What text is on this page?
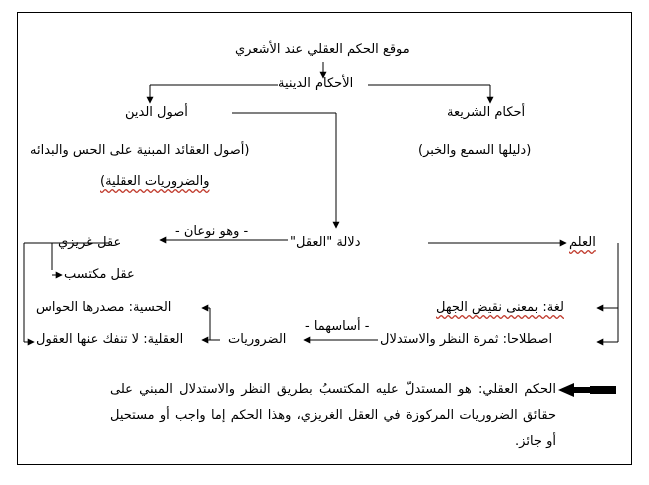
موقع الحكم العقلي عند الأشعري
الأحكام الدينية
أحكام الشريعة
(دليلها السمع والخبر)
أصول الدين
(أصول العقائد المبنية على الحس والبدائه
والضروريات العقلية)
- وهو نوعان -
دلالة "العقل"	العلم
عقل غريزي
عقل مكتسب
الحسية: مصدرها الحواس
العقلية: لا تنفك عنها العقول
- أساسهما -
الضروريات
لغة: بمعنى نقيض الجهل
اصطلاحا: ثمرة النظر والاستدلال
الحكم العقلي: هو المستدلّ عليه المكتسبُ بطريق النظر والاستدلال المبني على حقائق الضروريات المركوزة في العقل الغريزي، وهذا الحكم إما واجب أو مستحيل أو جائز.
